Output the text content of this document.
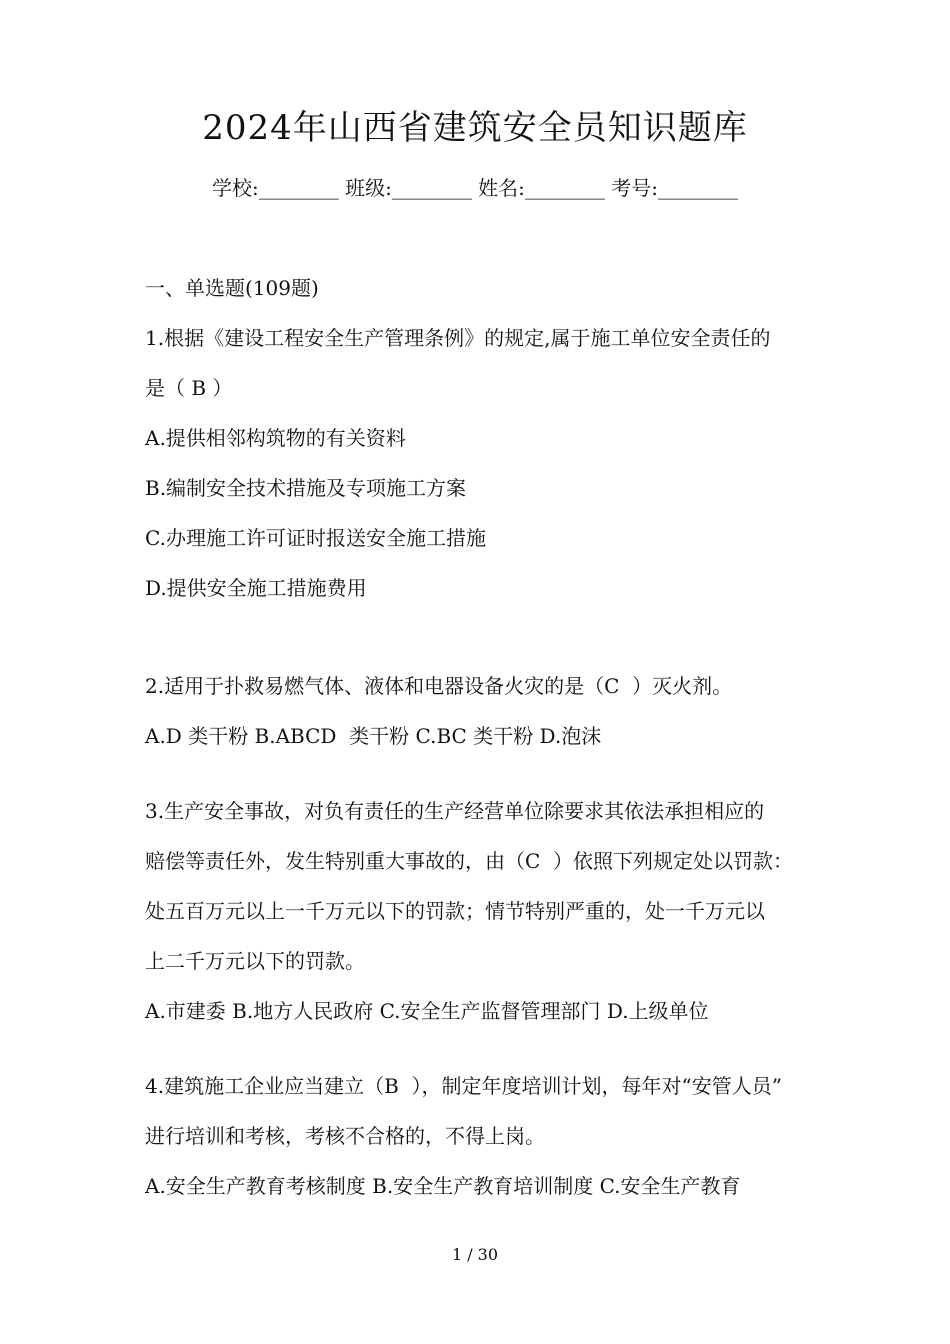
2024年山西省建筑安全员知识题库
学校:________ 班级:________ 姓名:________ 考号:________
一、单选题(109题)
1.根据《建设工程安全生产管理条例》的规定,属于施工单位安全责任的
是（ B ）
A.提供相邻构筑物的有关资料
B.编制安全技术措施及专项施工方案
C.办理施工许可证时报送安全施工措施
D.提供安全施工措施费用
2.适用于扑救易燃气体、液体和电器设备火灾的是（C  ）灭火剂。
A.D 类干粉 B.ABCD  类干粉 C.BC 类干粉 D.泡沫
3.生产安全事故，对负有责任的生产经营单位除要求其依法承担相应的
赔偿等责任外，发生特别重大事故的，由（C  ）依照下列规定处以罚款：
处五百万元以上一千万元以下的罚款；情节特别严重的，处一千万元以
上二千万元以下的罚款。
A.市建委 B.地方人民政府 C.安全生产监督管理部门 D.上级单位
4.建筑施工企业应当建立（B  ），制定年度培训计划，每年对“安管人员”
进行培训和考核，考核不合格的，不得上岗。
A.安全生产教育考核制度 B.安全生产教育培训制度 C.安全生产教育
1 / 30
